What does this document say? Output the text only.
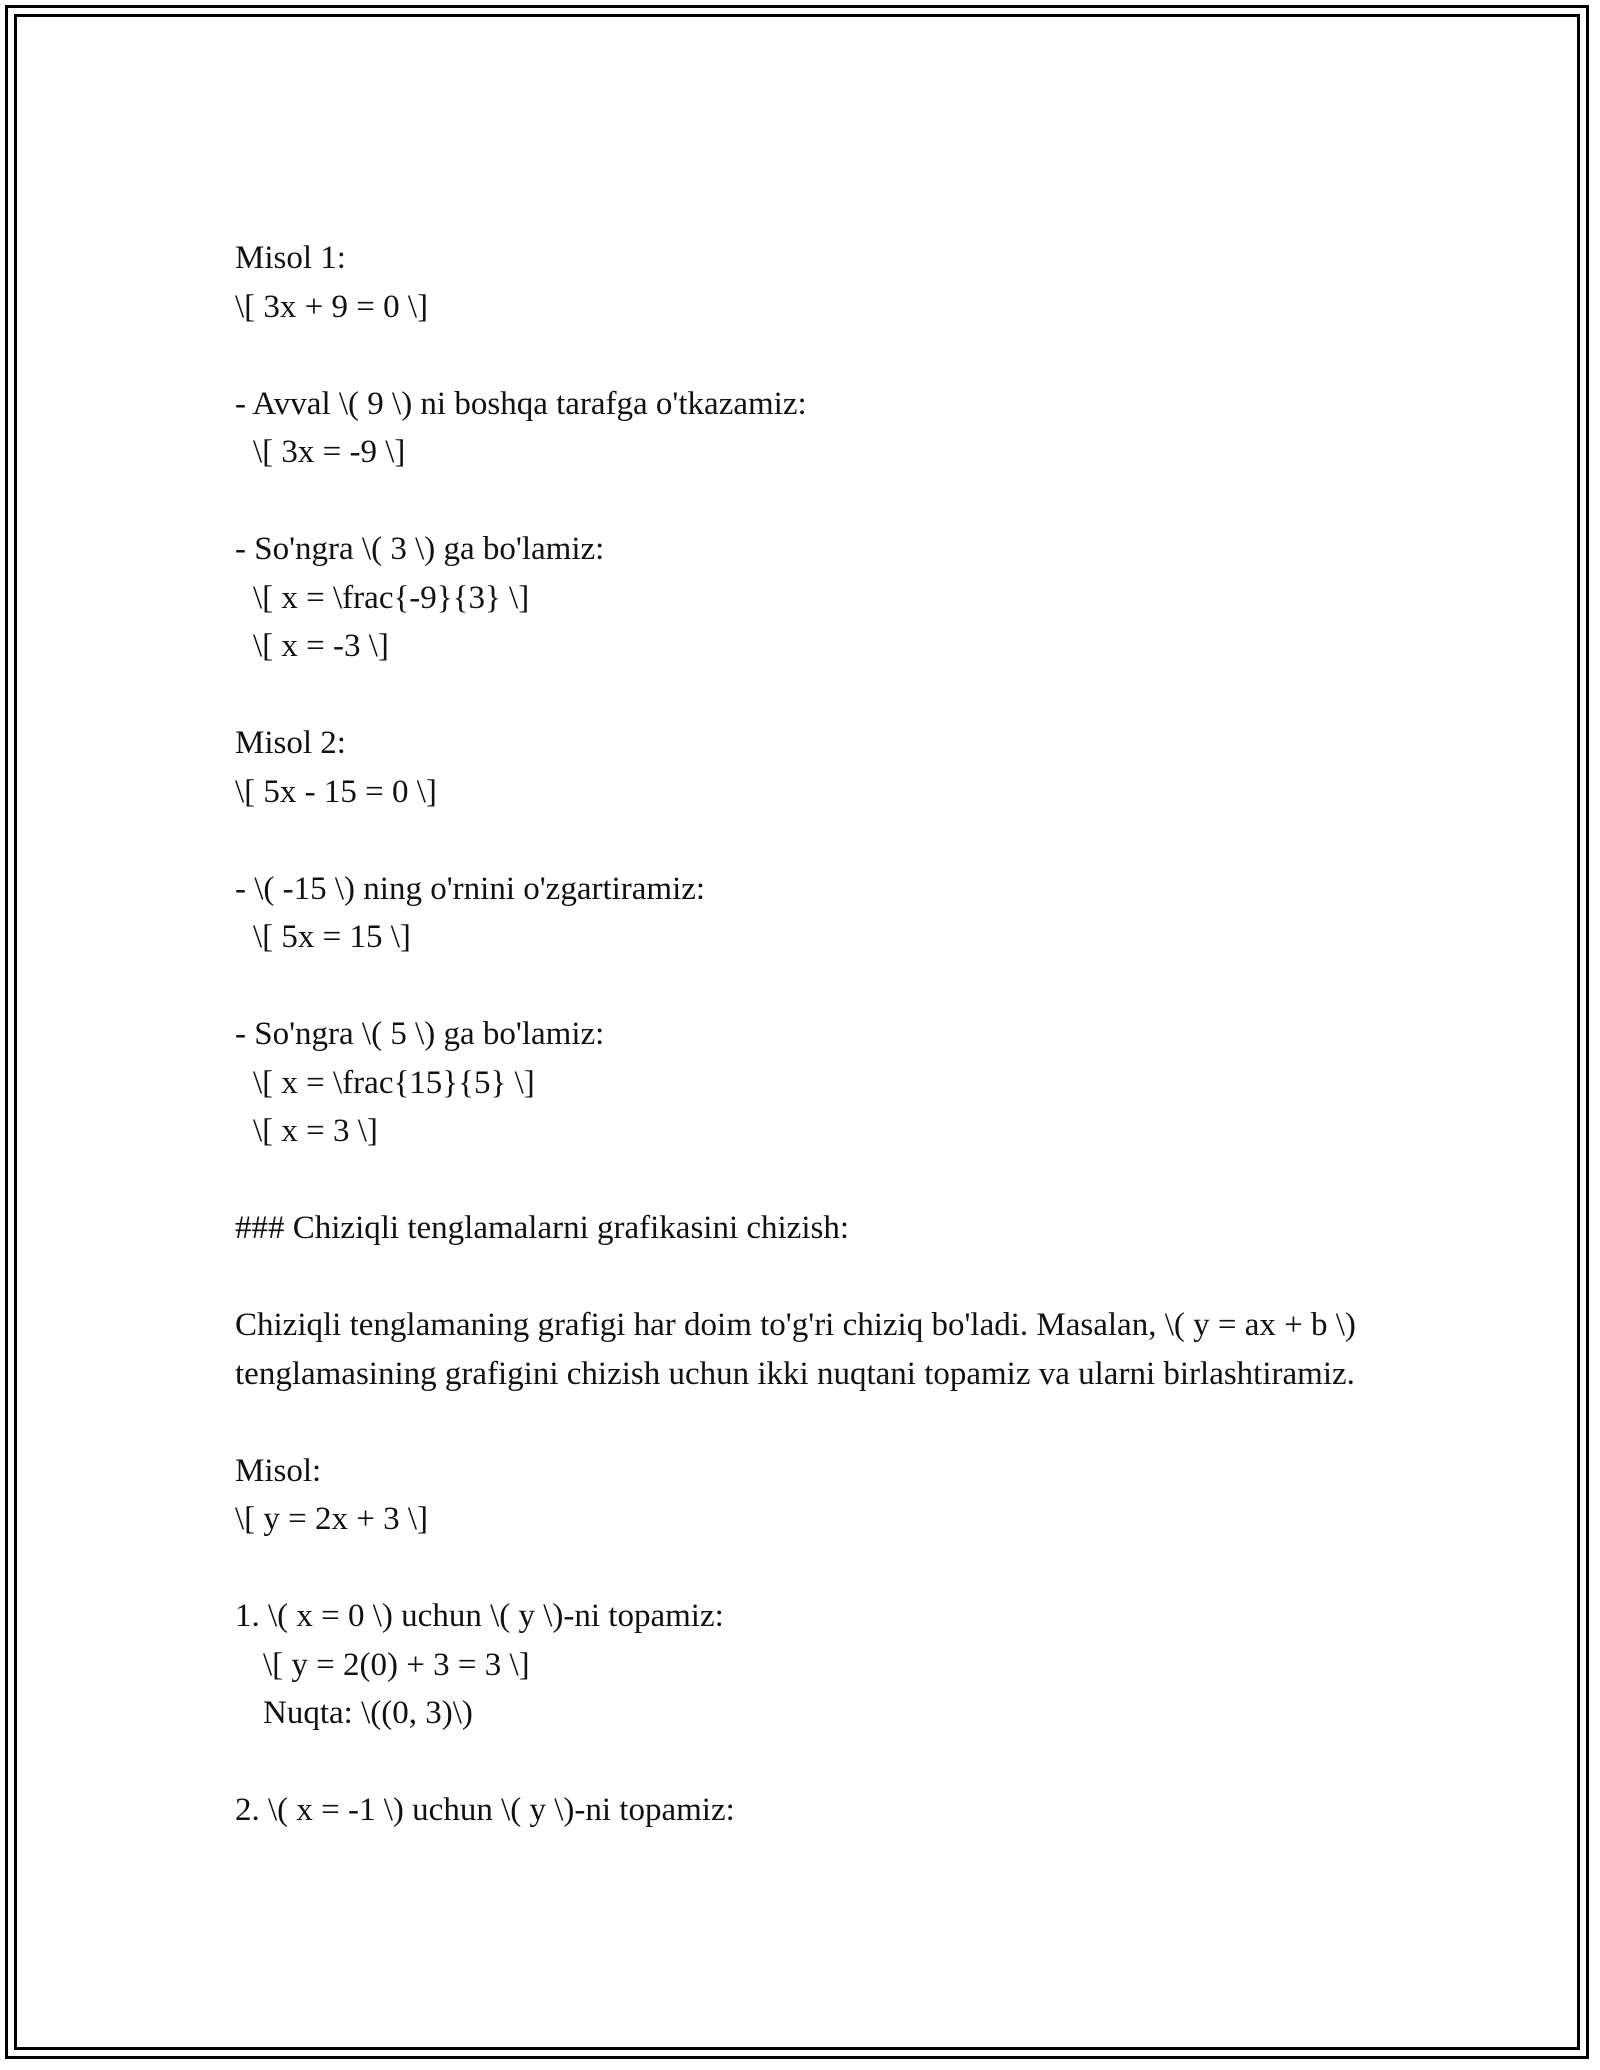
Misol 1:
\[ 3x + 9 = 0 \]
- Avval \( 9 \) ni boshqa tarafga o'tkazamiz:
\[ 3x = -9 \]
- So'ngra \( 3 \) ga bo'lamiz:
\[ x = \frac{-9}{3} \]
\[ x = -3 \]
Misol 2:
\[ 5x - 15 = 0 \]
- \( -15 \) ning o'rnini o'zgartiramiz:
\[ 5x = 15 \]
- So'ngra \( 5 \) ga bo'lamiz:
\[ x = \frac{15}{5} \]
\[ x = 3 \]
### Chiziqli tenglamalarni grafikasini chizish:
Chiziqli tenglamaning grafigi har doim to'g'ri chiziq bo'ladi. Masalan, \( y = ax + b \) tenglamasining grafigini chizish uchun ikki nuqtani topamiz va ularni birlashtiramiz.
Misol:
\[ y = 2x + 3 \]
1. \( x = 0 \) uchun \( y \)-ni topamiz:
\[ y = 2(0) + 3 = 3 \]
Nuqta: \((0, 3)\)
2. \( x = -1 \) uchun \( y \)-ni topamiz:
